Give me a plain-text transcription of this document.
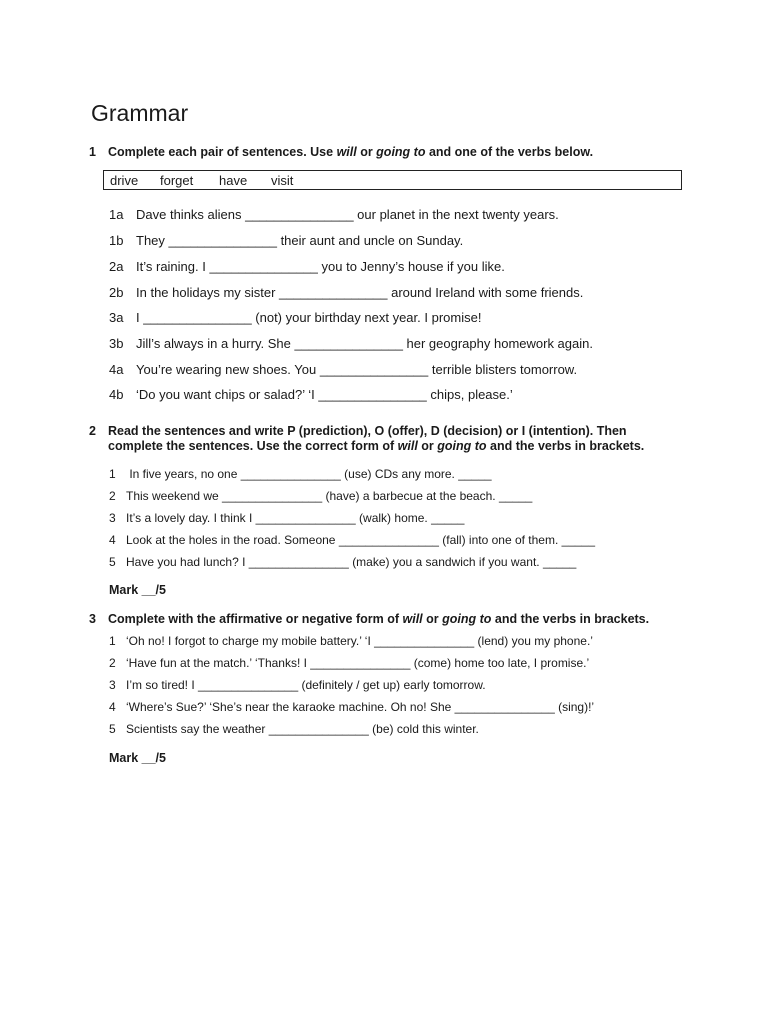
Grammar
1 Complete each pair of sentences. Use will or going to and one of the verbs below.
drive forget have visit
1a Dave thinks aliens _______________ our planet in the next twenty years.
1b They _______________ their aunt and uncle on Sunday.
2a It’s raining. I _______________ you to Jenny’s house if you like.
2b In the holidays my sister _______________ around Ireland with some friends.
3a I _______________ (not) your birthday next year. I promise!
3b Jill’s always in a hurry. She _______________ her geography homework again.
4a You’re wearing new shoes. You _______________ terrible blisters tomorrow.
4b ‘Do you want chips or salad?’ ‘I _______________ chips, please.’
2 Read the sentences and write P (prediction), O (offer), D (decision) or I (intention). Then
complete the sentences. Use the correct form of will or going to and the verbs in brackets.
1 In five years, no one _______________ (use) CDs any more. _____
2 This weekend we _______________ (have) a barbecue at the beach. _____
3 It’s a lovely day. I think I _______________ (walk) home. _____
4 Look at the holes in the road. Someone _______________ (fall) into one of them. _____
5 Have you had lunch? I _______________ (make) you a sandwich if you want. _____
Mark __/5
3 Complete with the affirmative or negative form of will or going to and the verbs in brackets.
1 ‘Oh no! I forgot to charge my mobile battery.’ ‘I _______________ (lend) you my phone.’
2 ‘Have fun at the match.’ ‘Thanks! I _______________ (come) home too late, I promise.’
3 I’m so tired! I _______________ (definitely / get up) early tomorrow.
4 ‘Where’s Sue?’ ‘She’s near the karaoke machine. Oh no! She _______________ (sing)!’
5 Scientists say the weather _______________ (be) cold this winter.
Mark __/5
